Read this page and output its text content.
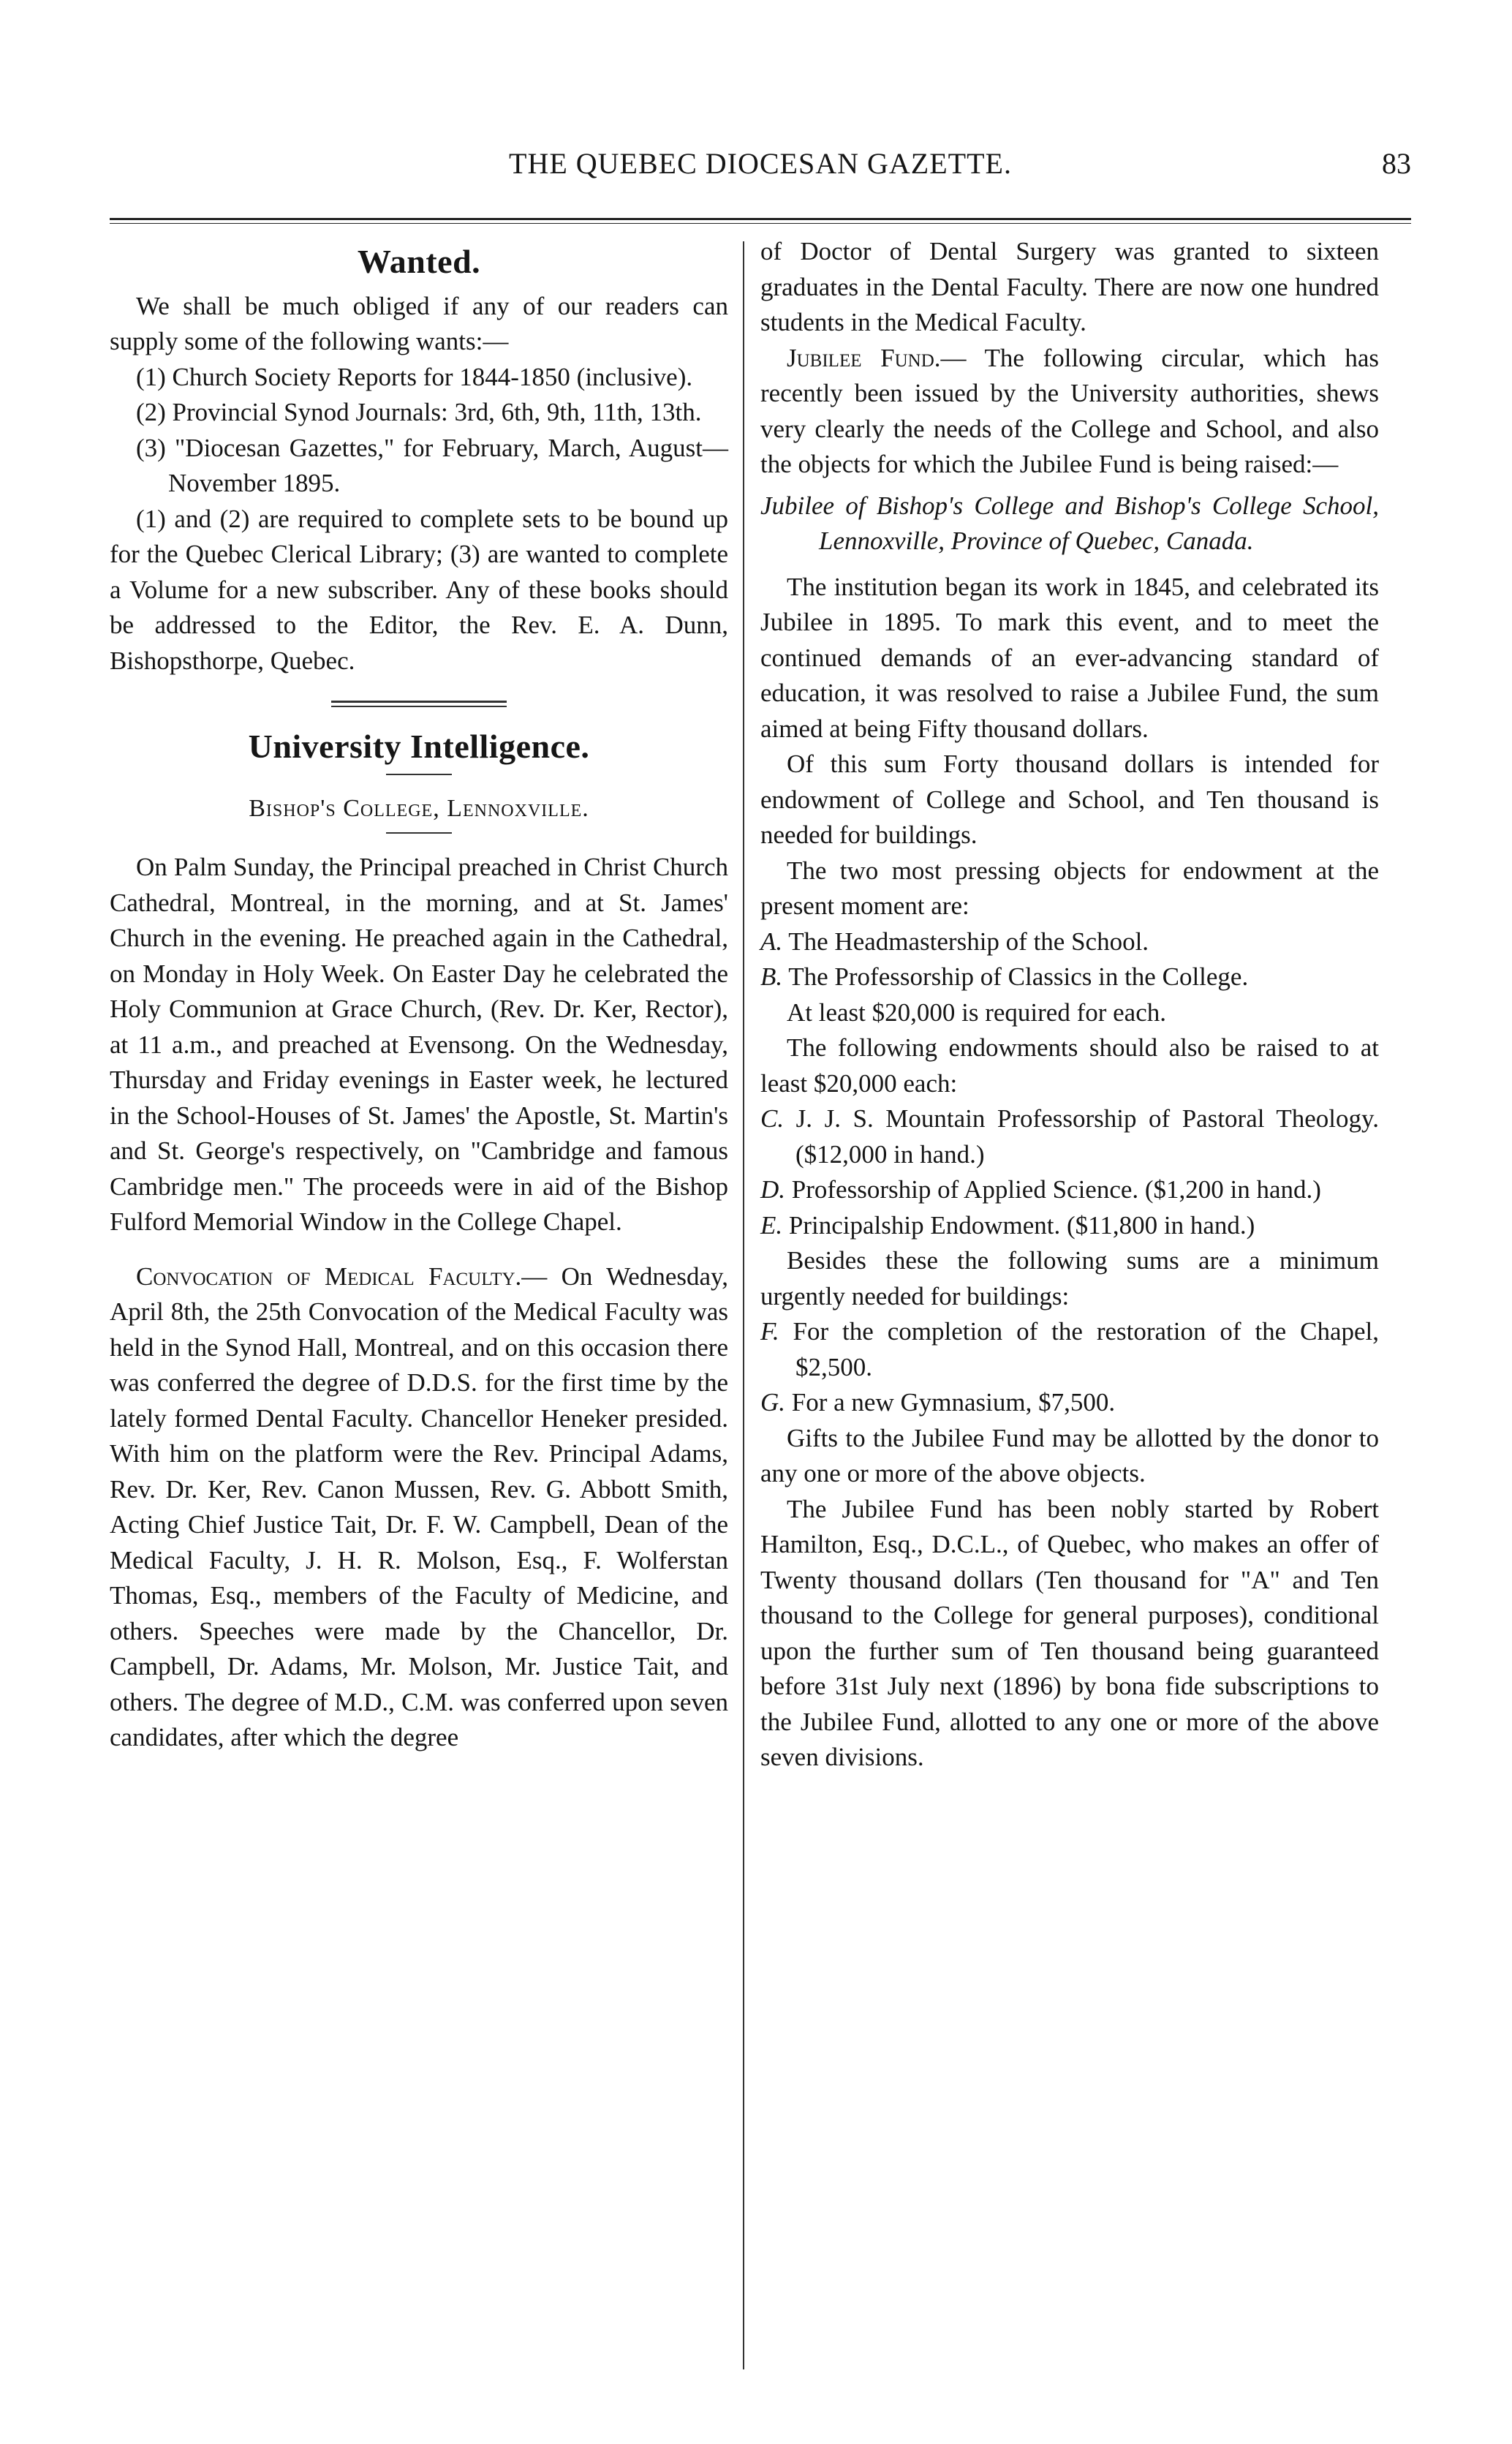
THE QUEBEC DIOCESAN GAZETTE.	83
Wanted.

We shall be much obliged if any of our readers can supply some of the following wants:—

(1) Church Society Reports for 1844-1850 (inclusive).

(2) Provincial Synod Journals: 3rd, 6th, 9th, 11th, 13th.

(3) "Diocesan Gazettes," for February, March, August—November 1895.

(1) and (2) are required to complete sets to be bound up for the Quebec Clerical Library; (3) are wanted to complete a Volume for a new subscriber. Any of these books should be addressed to the Editor, the Rev. E. A. Dunn, Bishopsthorpe, Quebec.

University Intelligence.
Bishop's College, Lennoxville.

On Palm Sunday, the Principal preached in Christ Church Cathedral, Montreal, in the morning, and at St. James' Church in the evening. He preached again in the Cathedral, on Monday in Holy Week. On Easter Day he celebrated the Holy Communion at Grace Church, (Rev. Dr. Ker, Rector), at 11 a.m., and preached at Evensong. On the Wednesday, Thursday and Friday evenings in Easter week, he lectured in the School-Houses of St. James' the Apostle, St. Martin's and St. George's respectively, on "Cambridge and famous Cambridge men." The proceeds were in aid of the Bishop Fulford Memorial Window in the College Chapel.

Convocation of Medical Faculty.— On Wednesday, April 8th, the 25th Convocation of the Medical Faculty was held in the Synod Hall, Montreal, and on this occasion there was conferred the degree of D.D.S. for the first time by the lately formed Dental Faculty. Chancellor Heneker presided. With him on the platform were the Rev. Principal Adams, Rev. Dr. Ker, Rev. Canon Mussen, Rev. G. Abbott Smith, Acting Chief Justice Tait, Dr. F. W. Campbell, Dean of the Medical Faculty, J. H. R. Molson, Esq., F. Wolferstan Thomas, Esq., members of the Faculty of Medicine, and others. Speeches were made by the Chancellor, Dr. Campbell, Dr. Adams, Mr. Molson, Mr. Justice Tait, and others. The degree of M.D., C.M. was conferred upon seven candidates, after which the degree

of Doctor of Dental Surgery was granted to sixteen graduates in the Dental Faculty. There are now one hundred students in the Medical Faculty.

Jubilee Fund.— The following circular, which has recently been issued by the University authorities, shews very clearly the needs of the College and School, and also the objects for which the Jubilee Fund is being raised:—

Jubilee of Bishop's College and Bishop's College School, Lennoxville, Province of Quebec, Canada.

The institution began its work in 1845, and celebrated its Jubilee in 1895. To mark this event, and to meet the continued demands of an ever-advancing standard of education, it was resolved to raise a Jubilee Fund, the sum aimed at being Fifty thousand dollars.

Of this sum Forty thousand dollars is intended for endowment of College and School, and Ten thousand is needed for buildings.

The two most pressing objects for endowment at the present moment are:

A. The Headmastership of the School.

B. The Professorship of Classics in the College.

At least $20,000 is required for each.

The following endowments should also be raised to at least $20,000 each:

C. J. J. S. Mountain Professorship of Pastoral Theology. ($12,000 in hand.)

D. Professorship of Applied Science. ($1,200 in hand.)

E. Principalship Endowment. ($11,800 in hand.)

Besides these the following sums are a minimum urgently needed for buildings:

F. For the completion of the restoration of the Chapel, $2,500.

G. For a new Gymnasium, $7,500.

Gifts to the Jubilee Fund may be allotted by the donor to any one or more of the above objects.

The Jubilee Fund has been nobly started by Robert Hamilton, Esq., D.C.L., of Quebec, who makes an offer of Twenty thousand dollars (Ten thousand for "A" and Ten thousand to the College for general purposes), conditional upon the further sum of Ten thousand being guaranteed before 31st July next (1896) by bona fide subscriptions to the Jubilee Fund, allotted to any one or more of the above seven divisions.
